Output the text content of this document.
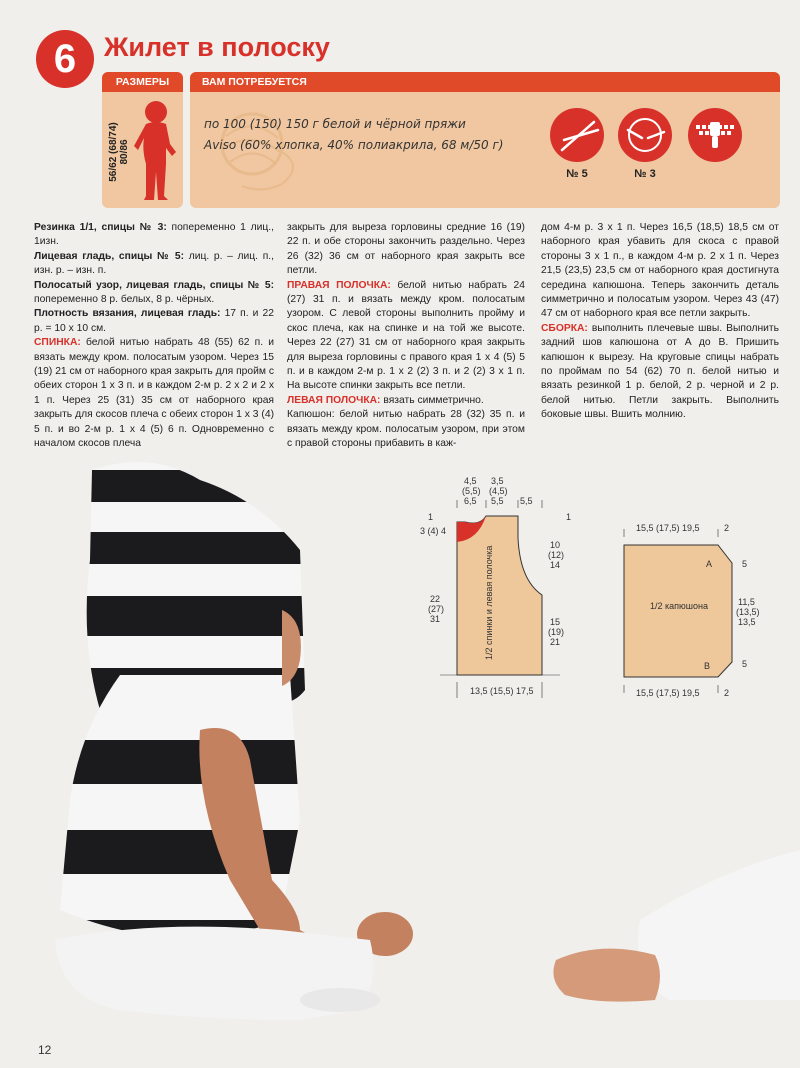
6	Жилет в полоску
РАЗМЕРЫ
56/62 (68/74) 80/86
ВАМ ПОТРЕБУЕТСЯ
по 100 (150) 150 г белой и чёрной пряжи
Aviso (60% хлопка, 40% полиакрила, 68 м/50 г)
№ 5	№ 3

Резинка 1/1, спицы № 3: попеременно 1 лиц., 1изн.

Лицевая гладь, спицы № 5: лиц. р. – лиц. п., изн. р. – изн. п.

Полосатый узор, лицевая гладь, спицы № 5: попеременно 8 р. белых, 8 р. чёрных.

Плотность вязания, лицевая гладь: 17 п. и 22 р. = 10 x 10 см.

СПИНКА: белой нитью набрать 48 (55) 62 п. и вязать между кром. полосатым узором. Через 15 (19) 21 см от наборного края закрыть для пройм с обеих сторон 1 x 3 п. и в каждом 2-м р. 2 x 2 и 2 x 1 п. Через 25 (31) 35 см от наборного края закрыть для скосов плеча с обеих сторон 1 x 3 (4) 5 п. и во 2-м р. 1 x 4 (5) 6 п. Одновременно с началом скосов плеча

закрыть для выреза горловины средние 16 (19) 22 п. и обе стороны закончить раздельно. Через 26 (32) 36 см от наборного края закрыть все петли.

ПРАВАЯ ПОЛОЧКА: белой нитью набрать 24 (27) 31 п. и вязать между кром. полосатым узором. С левой стороны выполнить пройму и скос плеча, как на спинке и на той же высоте. Через 22 (27) 31 см от наборного края закрыть для выреза горловины с правого края 1 x 4 (5) 5 п. и в каждом 2-м р. 1 x 2 (2) 3 п. и 2 (2) 3 x 1 п. На высоте спинки закрыть все петли.

ЛЕВАЯ ПОЛОЧКА: вязать симметрично.

Капюшон: белой нитью набрать 28 (32) 35 п. и вязать между кром. полосатым узором, при этом с правой стороны прибавить в каж-

дом 4-м р. 3 x 1 п. Через 16,5 (18,5) 18,5 см от наборного края убавить для скоса с правой стороны 3 x 1 п., в каждом 4-м р. 2 x 1 п. Через 21,5 (23,5) 23,5 см от наборного края достигнута середина капюшона. Теперь закончить деталь симметрично и полосатым узором. Через 43 (47) 47 см от наборного края все петли закрыть.

СБОРКА: выполнить плечевые швы. Выполнить задний шов капюшона от A до B. Пришить капюшон к вырезу. На круговые спицы набрать по проймам по 54 (62) 70 п. белой нитью и вязать резинкой 1 р. белой, 2 р. черной и 2 р. белой нитью. Петли закрыть. Выполнить боковые швы. Вшить молнию.

4,5
(5,5)
6,5
3,5
(4,5)
5,5 5,5
1
3 (4) 4
22
(27)
31
1
10
(12)
14
15
(19)
21
13,5 (15,5) 17,5
1/2 спинки и левая полочка
15,5 (17,5) 19,5	2
5
11,5
(13,5)
13,5
5
15,5 (17,5) 19,5	2
A
B
1/2 капюшона
12
